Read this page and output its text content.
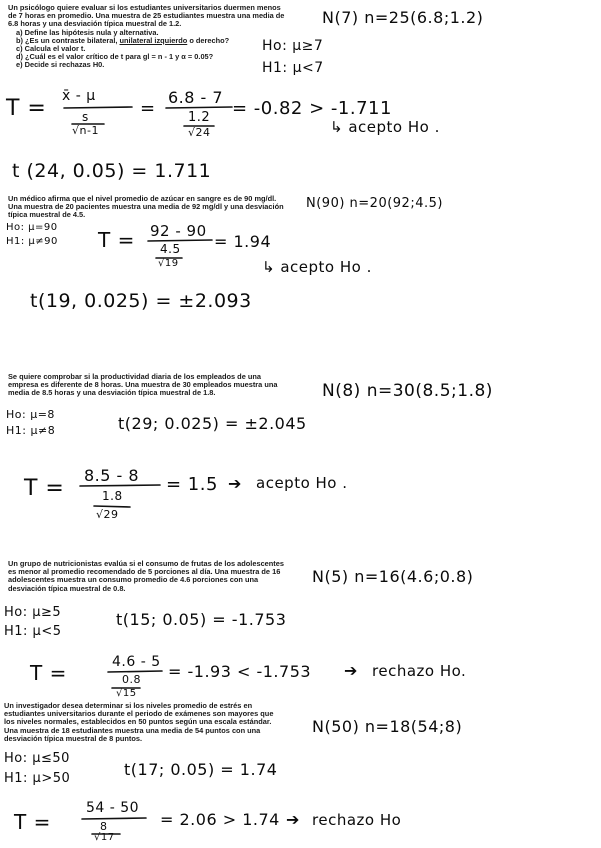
Un psicólogo quiere evaluar si los estudiantes universitarios duermen menos
de 7 horas en promedio. Una muestra de 25 estudiantes muestra una media de
6.8 horas y una desviación típica muestral de 1.2.
a) Define las hipótesis nula y alternativa.
b) ¿Es un contraste bilateral, unilateral izquierdo o derecho?
c) Calcula el valor t.
d) ¿Cuál es el valor crítico de t para gl = n - 1 y α = 0.05?
e) Decide si rechazas H0.
N(7) n=25(6.8;1.2)
Ho: μ≥7
H1: μ<7
T = x̄ - μ
s
√n-1
=
6.8 - 7
1.2
√24
= -0.82 > -1.711
↳ acepto Ho .
t (24, 0.05) = 1.711
Un médico afirma que el nivel promedio de azúcar en sangre es de 90 mg/dl.
Una muestra de 20 pacientes muestra una media de 92 mg/dl y una desviación
típica muestral de 4.5.
N(90) n=20(92;4.5)
Ho: μ=90
H1: μ≠90 T = 92 - 90
4.5
√19
= 1.94
↳ acepto Ho .
t(19, 0.025) = ±2.093
Se quiere comprobar si la productividad diaria de los empleados de una
empresa es diferente de 8 horas. Una muestra de 30 empleados muestra una
media de 8.5 horas y una desviación típica muestral de 1.8.	N(8) n=30(8.5;1.8)
Ho: μ=8
H1: μ≠8	t(29; 0.025) = ±2.045
T =
8.5 - 8
1.8
√29
= 1.5 ➔ acepto Ho .
Un grupo de nutricionistas evalúa si el consumo de frutas de los adolescentes
es menor al promedio recomendado de 5 porciones al día. Una muestra de 16
adolescentes muestra un consumo promedio de 4.6 porciones con una
desviación típica muestral de 0.8.
N(5) n=16(4.6;0.8)
Ho: μ≥5
H1: μ<5
t(15; 0.05) = -1.753
T =	4.6 - 5
0.8
√15
= -1.93 < -1.753 ➔ rechazo Ho.
Un investigador desea determinar si los niveles promedio de estrés en
estudiantes universitarios durante el periodo de exámenes son mayores que
los niveles normales, establecidos en 50 puntos según una escala estándar.
Una muestra de 18 estudiantes muestra una media de 54 puntos con una
desviación típica muestral de 8 puntos.
N(50) n=18(54;8)
Ho: μ≤50
H1: μ>50	t(17; 0.05) = 1.74
T =
54 - 50
8
√17
= 2.06 > 1.74 ➔ rechazo Ho
